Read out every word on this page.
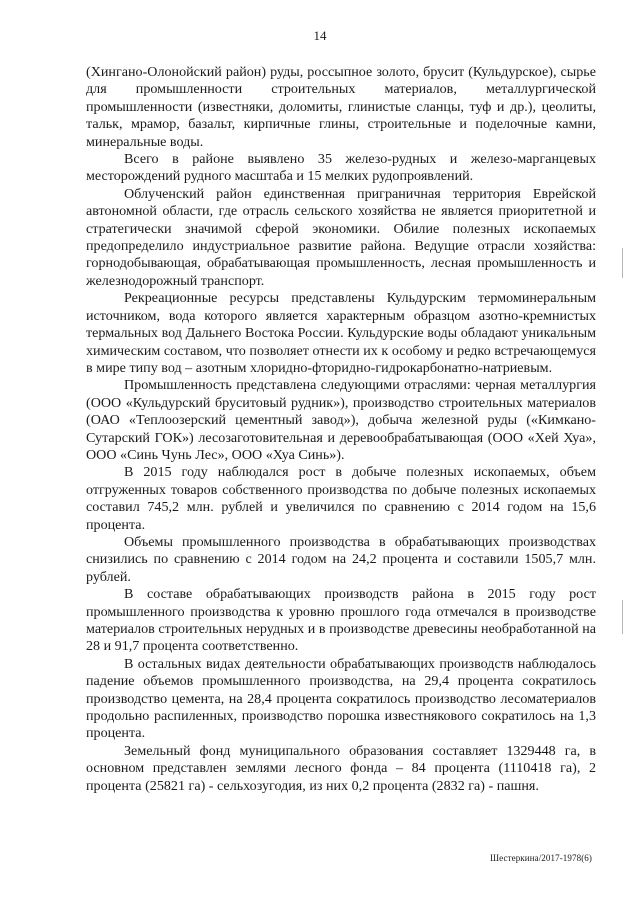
14

(Хингано-Олонойский район) руды, россыпное золото, брусит (Кульдурское), сырье для промышленности строительных материалов, металлургической промышленности (известняки, доломиты, глинистые сланцы, туф и др.), цеолиты, тальк, мрамор, базальт, кирпичные глины, строительные и поделочные камни, минеральные воды.

Всего в районе выявлено 35 железо-рудных и железо-марганцевых месторождений рудного масштаба и 15 мелких рудопроявлений.

Облученский район единственная приграничная территория Еврейской автономной области, где отрасль сельского хозяйства не является приоритетной и стратегически значимой сферой экономики. Обилие полезных ископаемых предопределило индустриальное развитие района. Ведущие отрасли хозяйства: горнодобывающая, обрабатывающая промышленность, лесная промышленность и железнодорожный транспорт.

Рекреационные ресурсы представлены Кульдурским термоминеральным источником, вода которого является характерным образцом азотно-кремнистых термальных вод Дальнего Востока России. Кульдурские воды обладают уникальным химическим составом, что позволяет отнести их к особому и редко встречающемуся в мире типу вод – азотным хлоридно-фторидно-гидрокарбонатно-натриевым.

Промышленность представлена следующими отраслями: черная металлургия (ООО «Кульдурский бруситовый рудник»), производство строительных материалов (ОАО «Теплоозерский цементный завод»), добыча железной руды («Кимкано-Сутарский ГОК») лесозаготовительная и деревообрабатывающая (ООО «Хей Хуа», ООО «Синь Чунь Лес», ООО «Хуа Синь»).

В 2015 году наблюдался рост в добыче полезных ископаемых, объем отгруженных товаров собственного производства по добыче полезных ископаемых составил 745,2 млн. рублей и увеличился по сравнению с 2014 годом на 15,6 процента.

Объемы промышленного производства в обрабатывающих производствах снизились по сравнению с 2014 годом на 24,2 процента и составили 1505,7 млн. рублей.

В составе обрабатывающих производств района в 2015 году рост промышленного производства к уровню прошлого года отмечался в производстве материалов строительных нерудных и в производстве древесины необработанной на 28 и 91,7 процента соответственно.

В остальных видах деятельности обрабатывающих производств наблюдалось падение объемов промышленного производства, на 29,4 процента сократилось производство цемента, на 28,4 процента сократилось производство лесоматериалов продольно распиленных, производство порошка известнякового сократилось на 1,3 процента.

Земельный фонд муниципального образования составляет 1329448 га, в основном представлен землями лесного фонда – 84 процента (1110418 га), 2 процента (25821 га) - сельхозугодия, из них 0,2 процента (2832 га) - пашня.

Шестеркина/2017-1978(6)
